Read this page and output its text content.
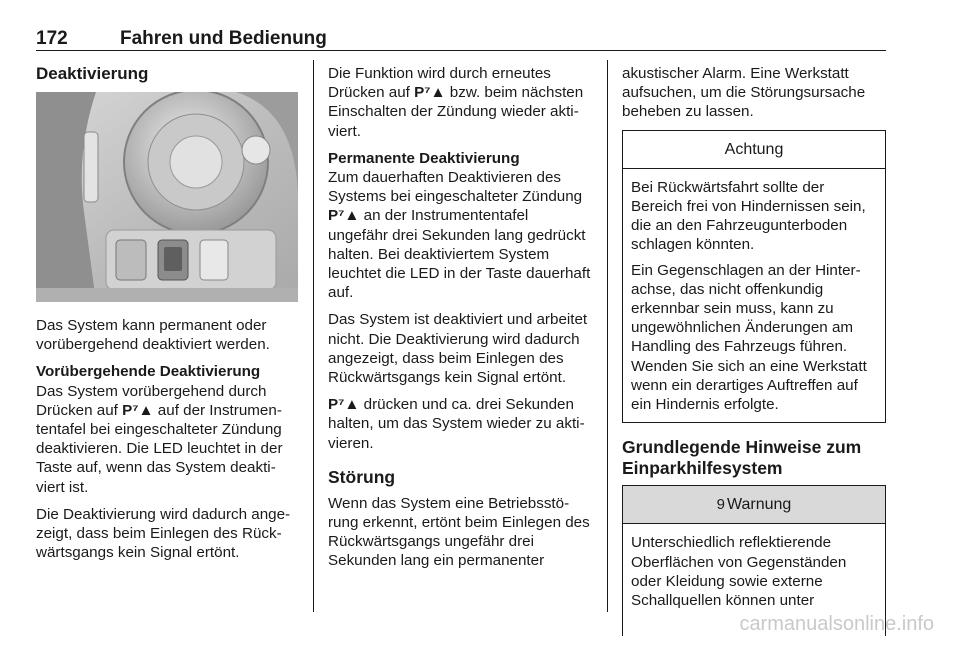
172	Fahren und Bedienung
Deaktivierung

Das System kann permanent oder vorübergehend deaktiviert werden.

Vorübergehende Deaktivierung

Das System vorübergehend durch Drücken auf P⁷▲ auf der Instrumententafel bei eingeschalteter Zündung deaktivieren. Die LED leuchtet in der Taste auf, wenn das System deaktiviert ist.

Die Deaktivierung wird dadurch angezeigt, dass beim Einlegen des Rückwärtsgangs kein Signal ertönt.

Die Funktion wird durch erneutes Drücken auf P⁷▲ bzw. beim nächsten Einschalten der Zündung wieder aktiviert.

Permanente Deaktivierung

Zum dauerhaften Deaktivieren des Systems bei eingeschalteter Zündung P⁷▲ an der Instrumententafel ungefähr drei Sekunden lang gedrückt halten. Bei deaktiviertem System leuchtet die LED in der Taste dauerhaft auf.

Das System ist deaktiviert und arbeitet nicht. Die Deaktivierung wird dadurch angezeigt, dass beim Einlegen des Rückwärtsgangs kein Signal ertönt.

P⁷▲ drücken und ca. drei Sekunden halten, um das System wieder zu aktivieren.

Störung

Wenn das System eine Betriebsstörung erkennt, ertönt beim Einlegen des Rückwärtsgangs ungefähr drei Sekunden lang ein permanenter

akustischer Alarm. Eine Werkstatt aufsuchen, um die Störungsursache beheben zu lassen.

Achtung

Bei Rückwärtsfahrt sollte der Bereich frei von Hindernissen sein, die an den Fahrzeugunterboden schlagen könnten.

Ein Gegenschlagen an der Hinterachse, das nicht offenkundig erkennbar sein muss, kann zu ungewöhnlichen Änderungen am Handling des Fahrzeugs führen. Wenden Sie sich an eine Werkstatt wenn ein derartiges Auftreffen auf ein Hindernis erfolgte.

Grundlegende Hinweise zum Einparkhilfesystem
9 Warnung

Unterschiedlich reflektierende Oberflächen von Gegenständen oder Kleidung sowie externe Schallquellen können unter

carmanualsonline.info
